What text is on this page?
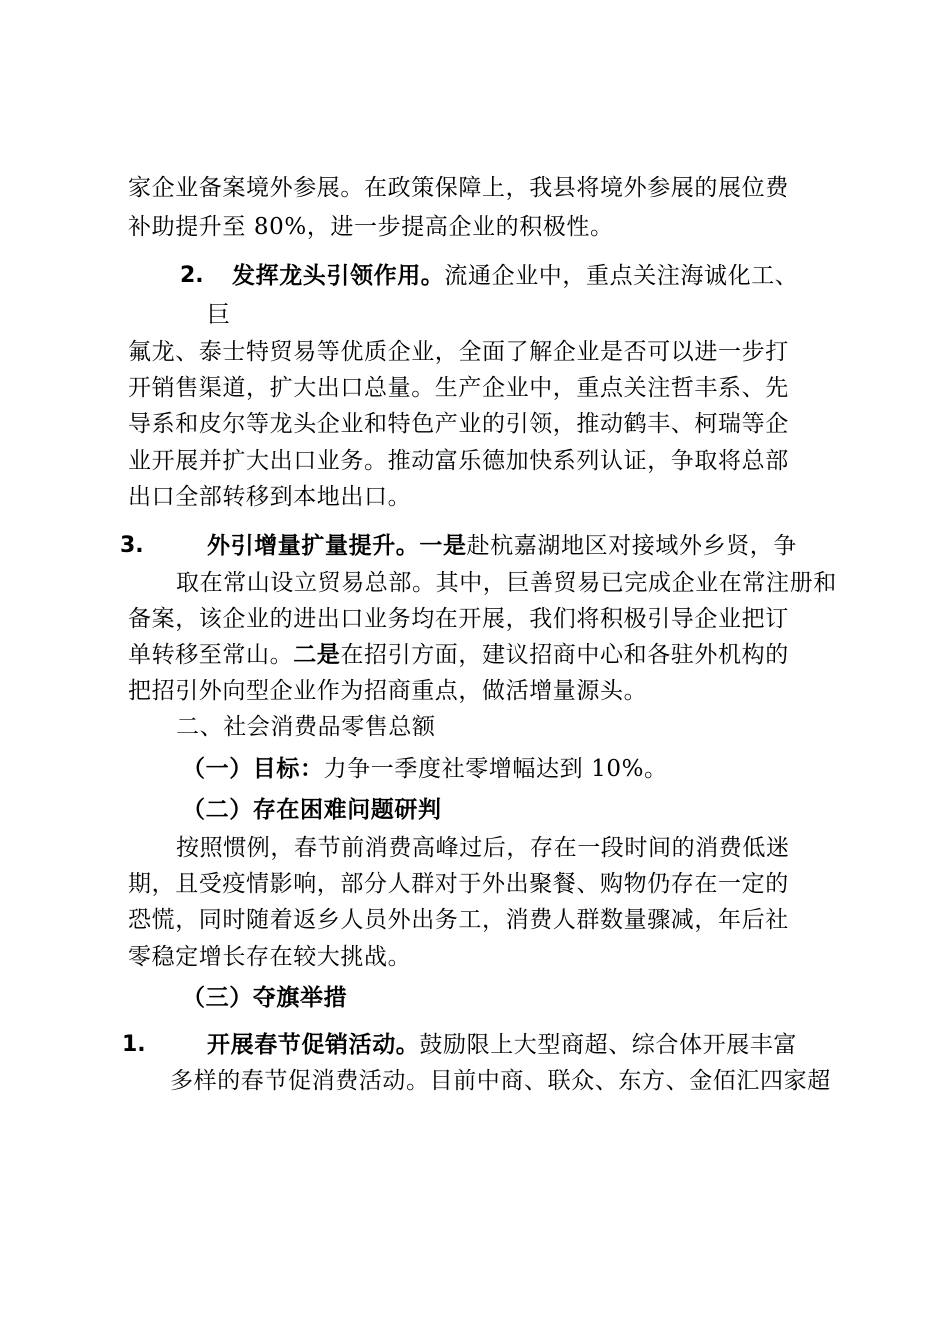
家企业备案境外参展。在政策保障上，我县将境外参展的展位费
补助提升至 80%，进一步提高企业的积极性。
2. 发挥龙头引领作用。流通企业中，重点关注海诚化工、
巨
氟龙、泰士特贸易等优质企业，全面了解企业是否可以进一步打
开销售渠道，扩大出口总量。生产企业中，重点关注哲丰系、先
导系和皮尔等龙头企业和特色产业的引领，推动鹤丰、柯瑞等企
业开展并扩大出口业务。推动富乐德加快系列认证，争取将总部
出口全部转移到本地出口。
3.	外引增量扩量提升。一是赴杭嘉湖地区对接域外乡贤，争
取在常山设立贸易总部。其中，巨善贸易已完成企业在常注册和
备案，该企业的进出口业务均在开展，我们将积极引导企业把订
单转移至常山。二是在招引方面，建议招商中心和各驻外机构的
把招引外向型企业作为招商重点，做活增量源头。
二、社会消费品零售总额
（一）目标：力争一季度社零增幅达到 10%。
（二）存在困难问题研判
按照惯例，春节前消费高峰过后，存在一段时间的消费低迷
期，且受疫情影响，部分人群对于外出聚餐、购物仍存在一定的
恐慌，同时随着返乡人员外出务工，消费人群数量骤减，年后社
零稳定增长存在较大挑战。
（三）夺旗举措
1.	开展春节促销活动。鼓励限上大型商超、综合体开展丰富
多样的春节促消费活动。目前中商、联众、东方、金佰汇四家超
